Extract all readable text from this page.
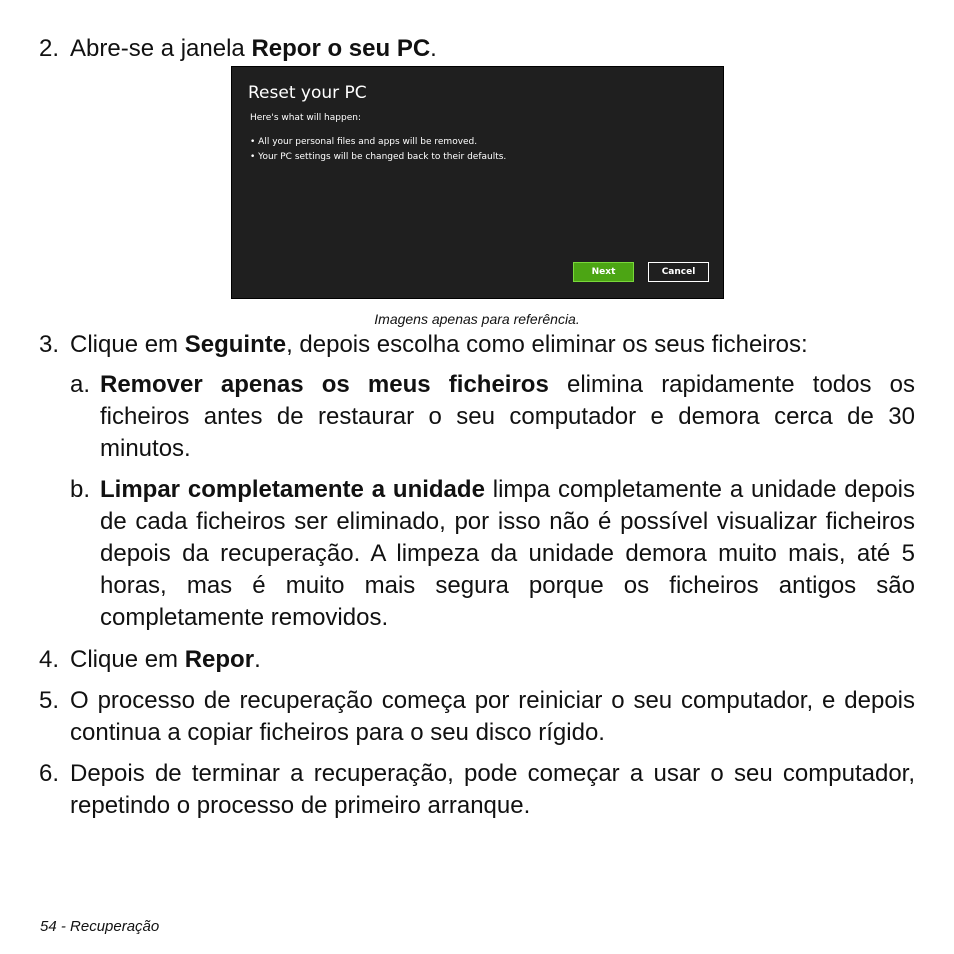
2. Abre-se a janela Repor o seu PC.
Reset your PC
Here's what will happen:
• All your personal files and apps will be removed.
• Your PC settings will be changed back to their defaults.
Next	Cancel
Imagens apenas para referência.
3. Clique em Seguinte, depois escolha como eliminar os seus ficheiros:
a. Remover apenas os meus ficheiros elimina rapidamente todos os ficheiros antes de restaurar o seu computador e demora cerca de 30 minutos.
b. Limpar completamente a unidade limpa completamente a unidade depois de cada ficheiros ser eliminado, por isso não é possível visualizar ficheiros depois da recuperação. A limpeza da unidade demora muito mais, até 5 horas, mas é muito mais segura porque os ficheiros antigos são completamente removidos.
4. Clique em Repor.
5. O processo de recuperação começa por reiniciar o seu computador, e depois continua a copiar ficheiros para o seu disco rígido.
6. Depois de terminar a recuperação, pode começar a usar o seu computador, repetindo o processo de primeiro arranque.
54 - Recuperação
